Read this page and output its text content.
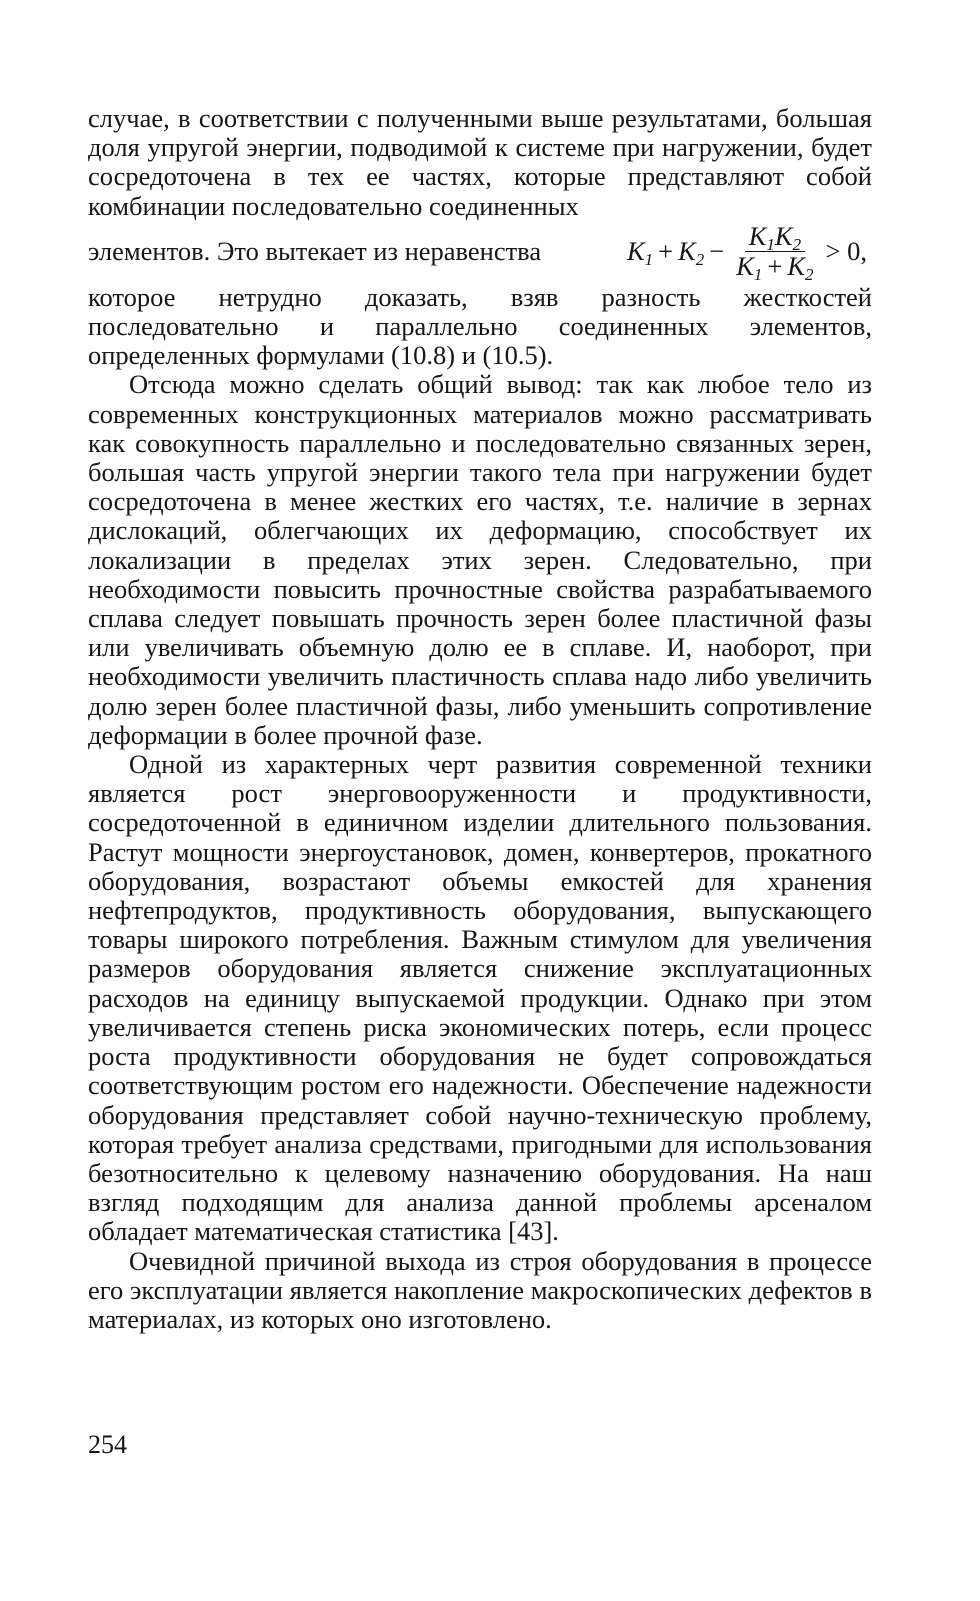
случае, в соответствии с полученными выше результатами, большая доля упругой энергии, подводимой к системе при нагружении, будет сосредоточена в тех ее частях, которые представляют собой комбинации последовательно соединенных

элементов. Это вытекает из неравенства	$K_1 + K_2 - \frac{K_1K_2}{K_1 + K_2} > 0$,

которое нетрудно доказать, взяв разность жесткостей последовательно и параллельно соединенных элементов, определенных формулами (10.8) и (10.5).

Отсюда можно сделать общий вывод: так как любое тело из современных конструкционных материалов можно рассматривать как совокупность параллельно и последовательно связанных зерен, большая часть упругой энергии такого тела при нагружении будет сосредоточена в менее жестких его частях, т.е. наличие в зернах дислокаций, облегчающих их деформацию, способствует их локализации в пределах этих зерен. Следовательно, при необходимости повысить прочностные свойства разрабатываемого сплава следует повышать прочность зерен более пластичной фазы или увеличивать объемную долю ее в сплаве. И, наоборот, при необходимости увеличить пластичность сплава надо либо увеличить долю зерен более пластичной фазы, либо уменьшить сопротивление деформации в более прочной фазе.

Одной из характерных черт развития современной техники является рост энерговооруженности и продуктивности, сосредоточенной в единичном изделии длительного пользования. Растут мощности энергоустановок, домен, конвертеров, прокатного оборудования, возрастают объемы емкостей для хранения нефтепродуктов, продуктивность оборудования, выпускающего товары широкого потребления. Важным стимулом для увеличения размеров оборудования является снижение эксплуатационных расходов на единицу выпускаемой продукции. Однако при этом увеличивается степень риска экономических потерь, если процесс роста продуктивности оборудования не будет сопровождаться соответствующим ростом его надежности. Обеспечение надежности оборудования представляет собой научно-техническую проблему, которая требует анализа средствами, пригодными для использования безотносительно к целевому назначению оборудования. На наш взгляд подходящим для анализа данной проблемы арсеналом обладает математическая статистика [43].

Очевидной причиной выхода из строя оборудования в процессе его эксплуатации является накопление макроскопических дефектов в материалах, из которых оно изготовлено.

254
